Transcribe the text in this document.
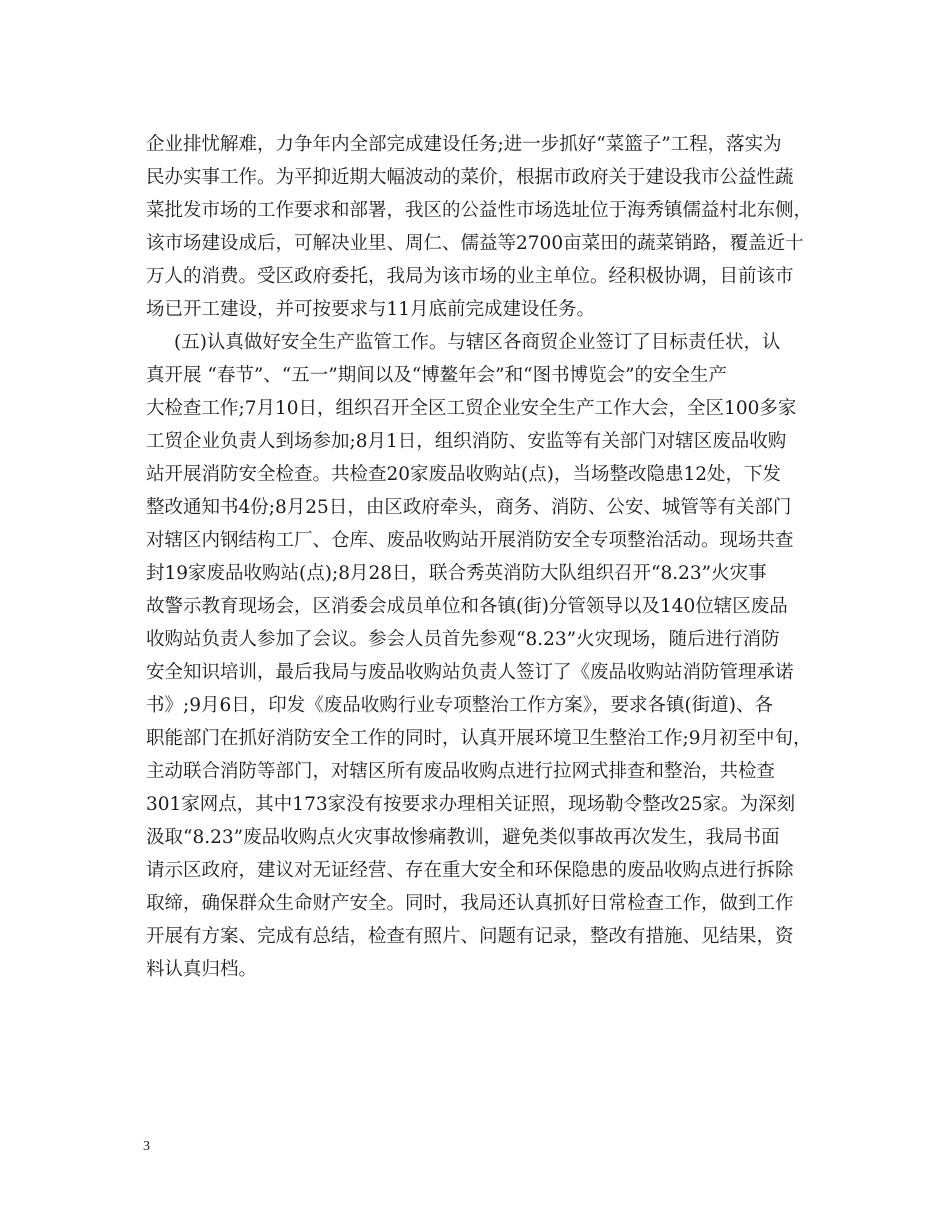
企业排忧解难，力争年内全部完成建设任务;进一步抓好“菜篮子”工程，落实为
民办实事工作。为平抑近期大幅波动的菜价，根据市政府关于建设我市公益性蔬
菜批发市场的工作要求和部署，我区的公益性市场选址位于海秀镇儒益村北东侧，
该市场建设成后，可解决业里、周仁、儒益等2700亩菜田的蔬菜销路，覆盖近十
万人的消费。受区政府委托，我局为该市场的业主单位。经积极协调，目前该市
场已开工建设，并可按要求与11月底前完成建设任务。
(五)认真做好安全生产监管工作。与辖区各商贸企业签订了目标责任状，认
真开展 “春节”、“五一”期间以及“博鳌年会”和“图书博览会”的安全生产
大检查工作;7月10日，组织召开全区工贸企业安全生产工作大会，全区100多家
工贸企业负责人到场参加;8月1日，组织消防、安监等有关部门对辖区废品收购
站开展消防安全检查。共检查20家废品收购站(点)，当场整改隐患12处，下发
整改通知书4份;8月25日，由区政府牵头，商务、消防、公安、城管等有关部门
对辖区内钢结构工厂、仓库、废品收购站开展消防安全专项整治活动。现场共查
封19家废品收购站(点);8月28日，联合秀英消防大队组织召开“8.23”火灾事
故警示教育现场会，区消委会成员单位和各镇(街)分管领导以及140位辖区废品
收购站负责人参加了会议。参会人员首先参观“8.23”火灾现场，随后进行消防
安全知识培训，最后我局与废品收购站负责人签订了《废品收购站消防管理承诺
书》;9月6日，印发《废品收购行业专项整治工作方案》，要求各镇(街道)、各
职能部门在抓好消防安全工作的同时，认真开展环境卫生整治工作;9月初至中旬，
主动联合消防等部门，对辖区所有废品收购点进行拉网式排查和整治，共检查
301家网点，其中173家没有按要求办理相关证照，现场勒令整改25家。为深刻
汲取“8.23”废品收购点火灾事故惨痛教训，避免类似事故再次发生，我局书面
请示区政府，建议对无证经营、存在重大安全和环保隐患的废品收购点进行拆除
取缔，确保群众生命财产安全。同时，我局还认真抓好日常检查工作，做到工作
开展有方案、完成有总结，检查有照片、问题有记录，整改有措施、见结果，资
料认真归档。
3
